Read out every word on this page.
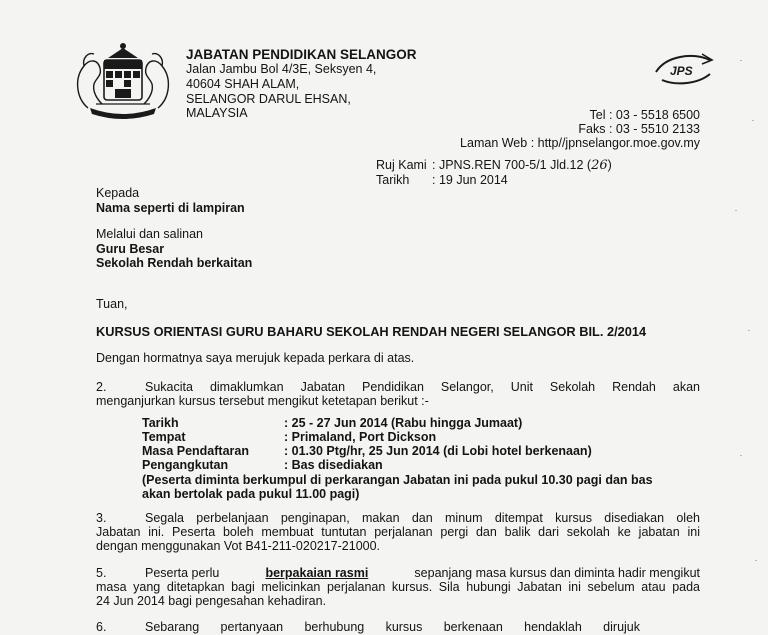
JABATAN PENDIDIKAN SELANGOR
Jalan Jambu Bol 4/3E, Seksyen 4,
40604 SHAH ALAM,
SELANGOR DARUL EHSAN,
MALAYSIA
JPS
Tel : 03 - 5518 6500
Faks : 03 - 5510 2133
Laman Web : http//jpnselangor.moe.gov.my
Ruj Kami : JPNS.REN 700-5/1 Jld.12 (26)
Tarikh : 19 Jun 2014
Kepada
Nama seperti di lampiran
Melalui dan salinan
Guru Besar
Sekolah Rendah berkaitan
Tuan,
KURSUS ORIENTASI GURU BAHARU SEKOLAH RENDAH NEGERI SELANGOR BIL. 2/2014
Dengan hormatnya saya merujuk kepada perkara di atas.
2.	Sukacita dimaklumkan Jabatan Pendidikan Selangor, Unit Sekolah Rendah akan
menganjurkan kursus tersebut mengikut ketetapan berikut :-
Tarikh	: 25 - 27 Jun 2014 (Rabu hingga Jumaat)
Tempat	: Primaland, Port Dickson
Masa Pendaftaran	: 01.30 Ptg/hr, 25 Jun 2014 (di Lobi hotel berkenaan)
Pengangkutan	: Bas disediakan
(Peserta diminta berkumpul di perkarangan Jabatan ini pada pukul 10.30 pagi dan bas
akan bertolak pada pukul 11.00 pagi)
3.	Segala perbelanjaan penginapan, makan dan minum ditempat kursus disediakan oleh
Jabatan ini. Peserta boleh membuat tuntutan perjalanan pergi dan balik dari sekolah ke jabatan ini
dengan menggunakan Vot B41-211-020217-21000.
5.	Peserta perlu	berpakaian rasmi	sepanjang masa kursus dan diminta hadir mengikut
masa yang ditetapkan bagi melicinkan perjalanan kursus. Sila hubungi Jabatan ini sebelum atau pada
24 Jun 2014 bagi pengesahan kehadiran.
6.	Sebarang pertanyaan berhubung kursus berkenaan hendaklah dirujuk
